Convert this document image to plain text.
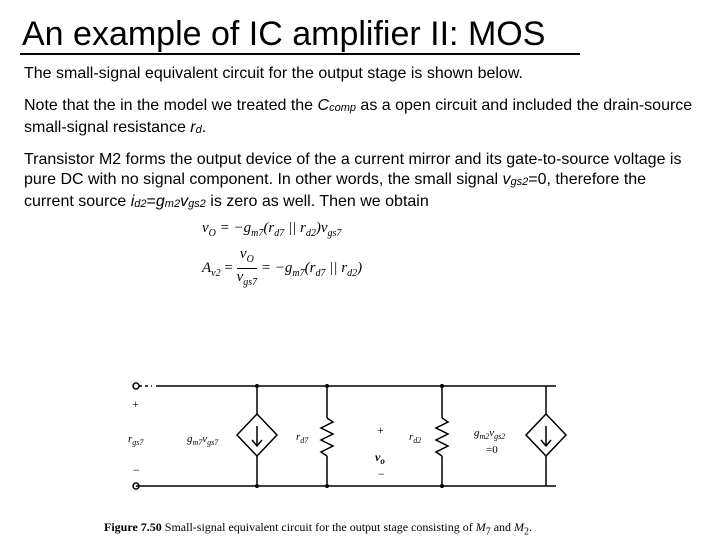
An example of IC amplifier II: MOS
The small-signal equivalent circuit for the output stage is shown below.
Note that the in the model we treated the Ccomp as a open circuit and included the drain-source small-signal resistance rd.
Transistor M2 forms the output device of the a current mirror and its gate-to-source voltage is pure DC with no signal component. In other words, the small signal vgs2=0, therefore the current source id2=gm2vgs2 is zero as well. Then we obtain
$v_O = -g_{m7}(r_{d7}$ || $r_{d2})v_{gs7}$
$A_{v2} = \frac{v_O}{v_{gs7}} = -g_{m7}(r_{d7}$ || $r_{d2}$)
+
−
$r_{gs7}$	$g_{m7}v_{gs7}$	$r_{d7}$
+
$v_o$
−
$r_{d2}$
$g_{m2}v_{gs2}$
=0
Figure 7.50 Small-signal equivalent circuit for the output stage consisting of $M_7$ and $M_2$.
